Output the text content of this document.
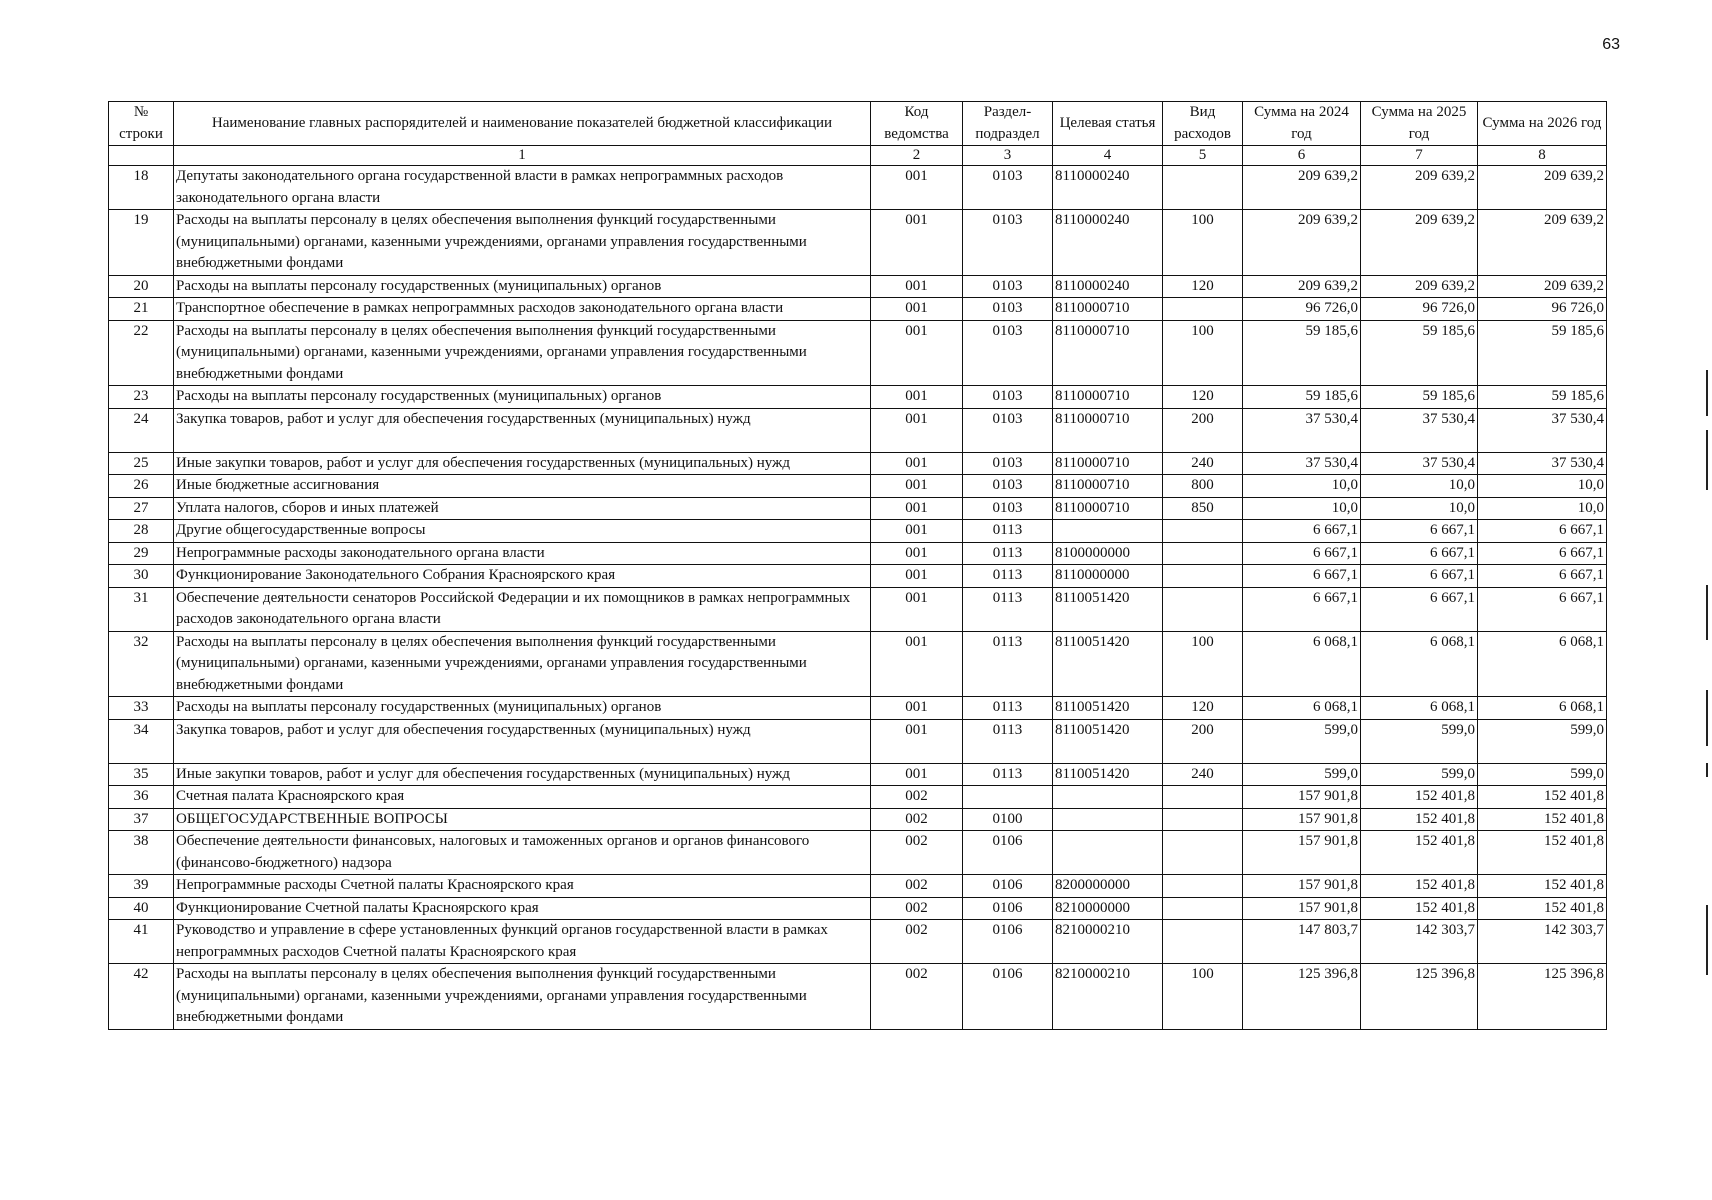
63
№ строки	Наименование главных распорядителей и наименование показателей бюджетной классификации	Код ведомства	Раздел- подраздел	Целевая статья	Вид расходов	Сумма на 2024 год	Сумма на 2025 год	Сумма на 2026 год
	1	2	3	4	5	6	7	8
18	Депутаты законодательного органа государственной власти в рамках непрограммных расходов законодательного органа власти	001	0103	8110000240		209 639,2	209 639,2	209 639,2
19	Расходы на выплаты персоналу в целях обеспечения выполнения функций государственными (муниципальными) органами, казенными учреждениями, органами управления государственными внебюджетными фондами	001	0103	8110000240	100	209 639,2	209 639,2	209 639,2
20	Расходы на выплаты персоналу государственных (муниципальных) органов	001	0103	8110000240	120	209 639,2	209 639,2	209 639,2
21	Транспортное обеспечение в рамках непрограммных расходов законодательного органа власти	001	0103	8110000710		96 726,0	96 726,0	96 726,0
22	Расходы на выплаты персоналу в целях обеспечения выполнения функций государственными (муниципальными) органами, казенными учреждениями, органами управления государственными внебюджетными фондами	001	0103	8110000710	100	59 185,6	59 185,6	59 185,6
23	Расходы на выплаты персоналу государственных (муниципальных) органов	001	0103	8110000710	120	59 185,6	59 185,6	59 185,6
24	Закупка товаров, работ и услуг для обеспечения государственных (муниципальных) нужд	001	0103	8110000710	200	37 530,4	37 530,4	37 530,4
25	Иные закупки товаров, работ и услуг для обеспечения государственных (муниципальных) нужд	001	0103	8110000710	240	37 530,4	37 530,4	37 530,4
26	Иные бюджетные ассигнования	001	0103	8110000710	800	10,0	10,0	10,0
27	Уплата налогов, сборов и иных платежей	001	0103	8110000710	850	10,0	10,0	10,0
28	Другие общегосударственные вопросы	001	0113			6 667,1	6 667,1	6 667,1
29	Непрограммные расходы законодательного органа власти	001	0113	8100000000		6 667,1	6 667,1	6 667,1
30	Функционирование Законодательного Собрания Красноярского края	001	0113	8110000000		6 667,1	6 667,1	6 667,1
31	Обеспечение деятельности сенаторов Российской Федерации и их помощников в рамках непрограммных расходов законодательного органа власти	001	0113	8110051420		6 667,1	6 667,1	6 667,1
32	Расходы на выплаты персоналу в целях обеспечения выполнения функций государственными (муниципальными) органами, казенными учреждениями, органами управления государственными внебюджетными фондами	001	0113	8110051420	100	6 068,1	6 068,1	6 068,1
33	Расходы на выплаты персоналу государственных (муниципальных) органов	001	0113	8110051420	120	6 068,1	6 068,1	6 068,1
34	Закупка товаров, работ и услуг для обеспечения государственных (муниципальных) нужд	001	0113	8110051420	200	599,0	599,0	599,0
35	Иные закупки товаров, работ и услуг для обеспечения государственных (муниципальных) нужд	001	0113	8110051420	240	599,0	599,0	599,0
36	Счетная палата Красноярского края	002				157 901,8	152 401,8	152 401,8
37	ОБЩЕГОСУДАРСТВЕННЫЕ ВОПРОСЫ	002	0100			157 901,8	152 401,8	152 401,8
38	Обеспечение деятельности финансовых, налоговых и таможенных органов и органов финансового (финансово-бюджетного) надзора	002	0106			157 901,8	152 401,8	152 401,8
39	Непрограммные расходы Счетной палаты Красноярского края	002	0106	8200000000		157 901,8	152 401,8	152 401,8
40	Функционирование Счетной палаты Красноярского края	002	0106	8210000000		157 901,8	152 401,8	152 401,8
41	Руководство и управление в сфере установленных функций органов государственной власти в рамках непрограммных расходов Счетной палаты Красноярского края	002	0106	8210000210		147 803,7	142 303,7	142 303,7
42	Расходы на выплаты персоналу в целях обеспечения выполнения функций государственными (муниципальными) органами, казенными учреждениями, органами управления государственными внебюджетными фондами	002	0106	8210000210	100	125 396,8	125 396,8	125 396,8
